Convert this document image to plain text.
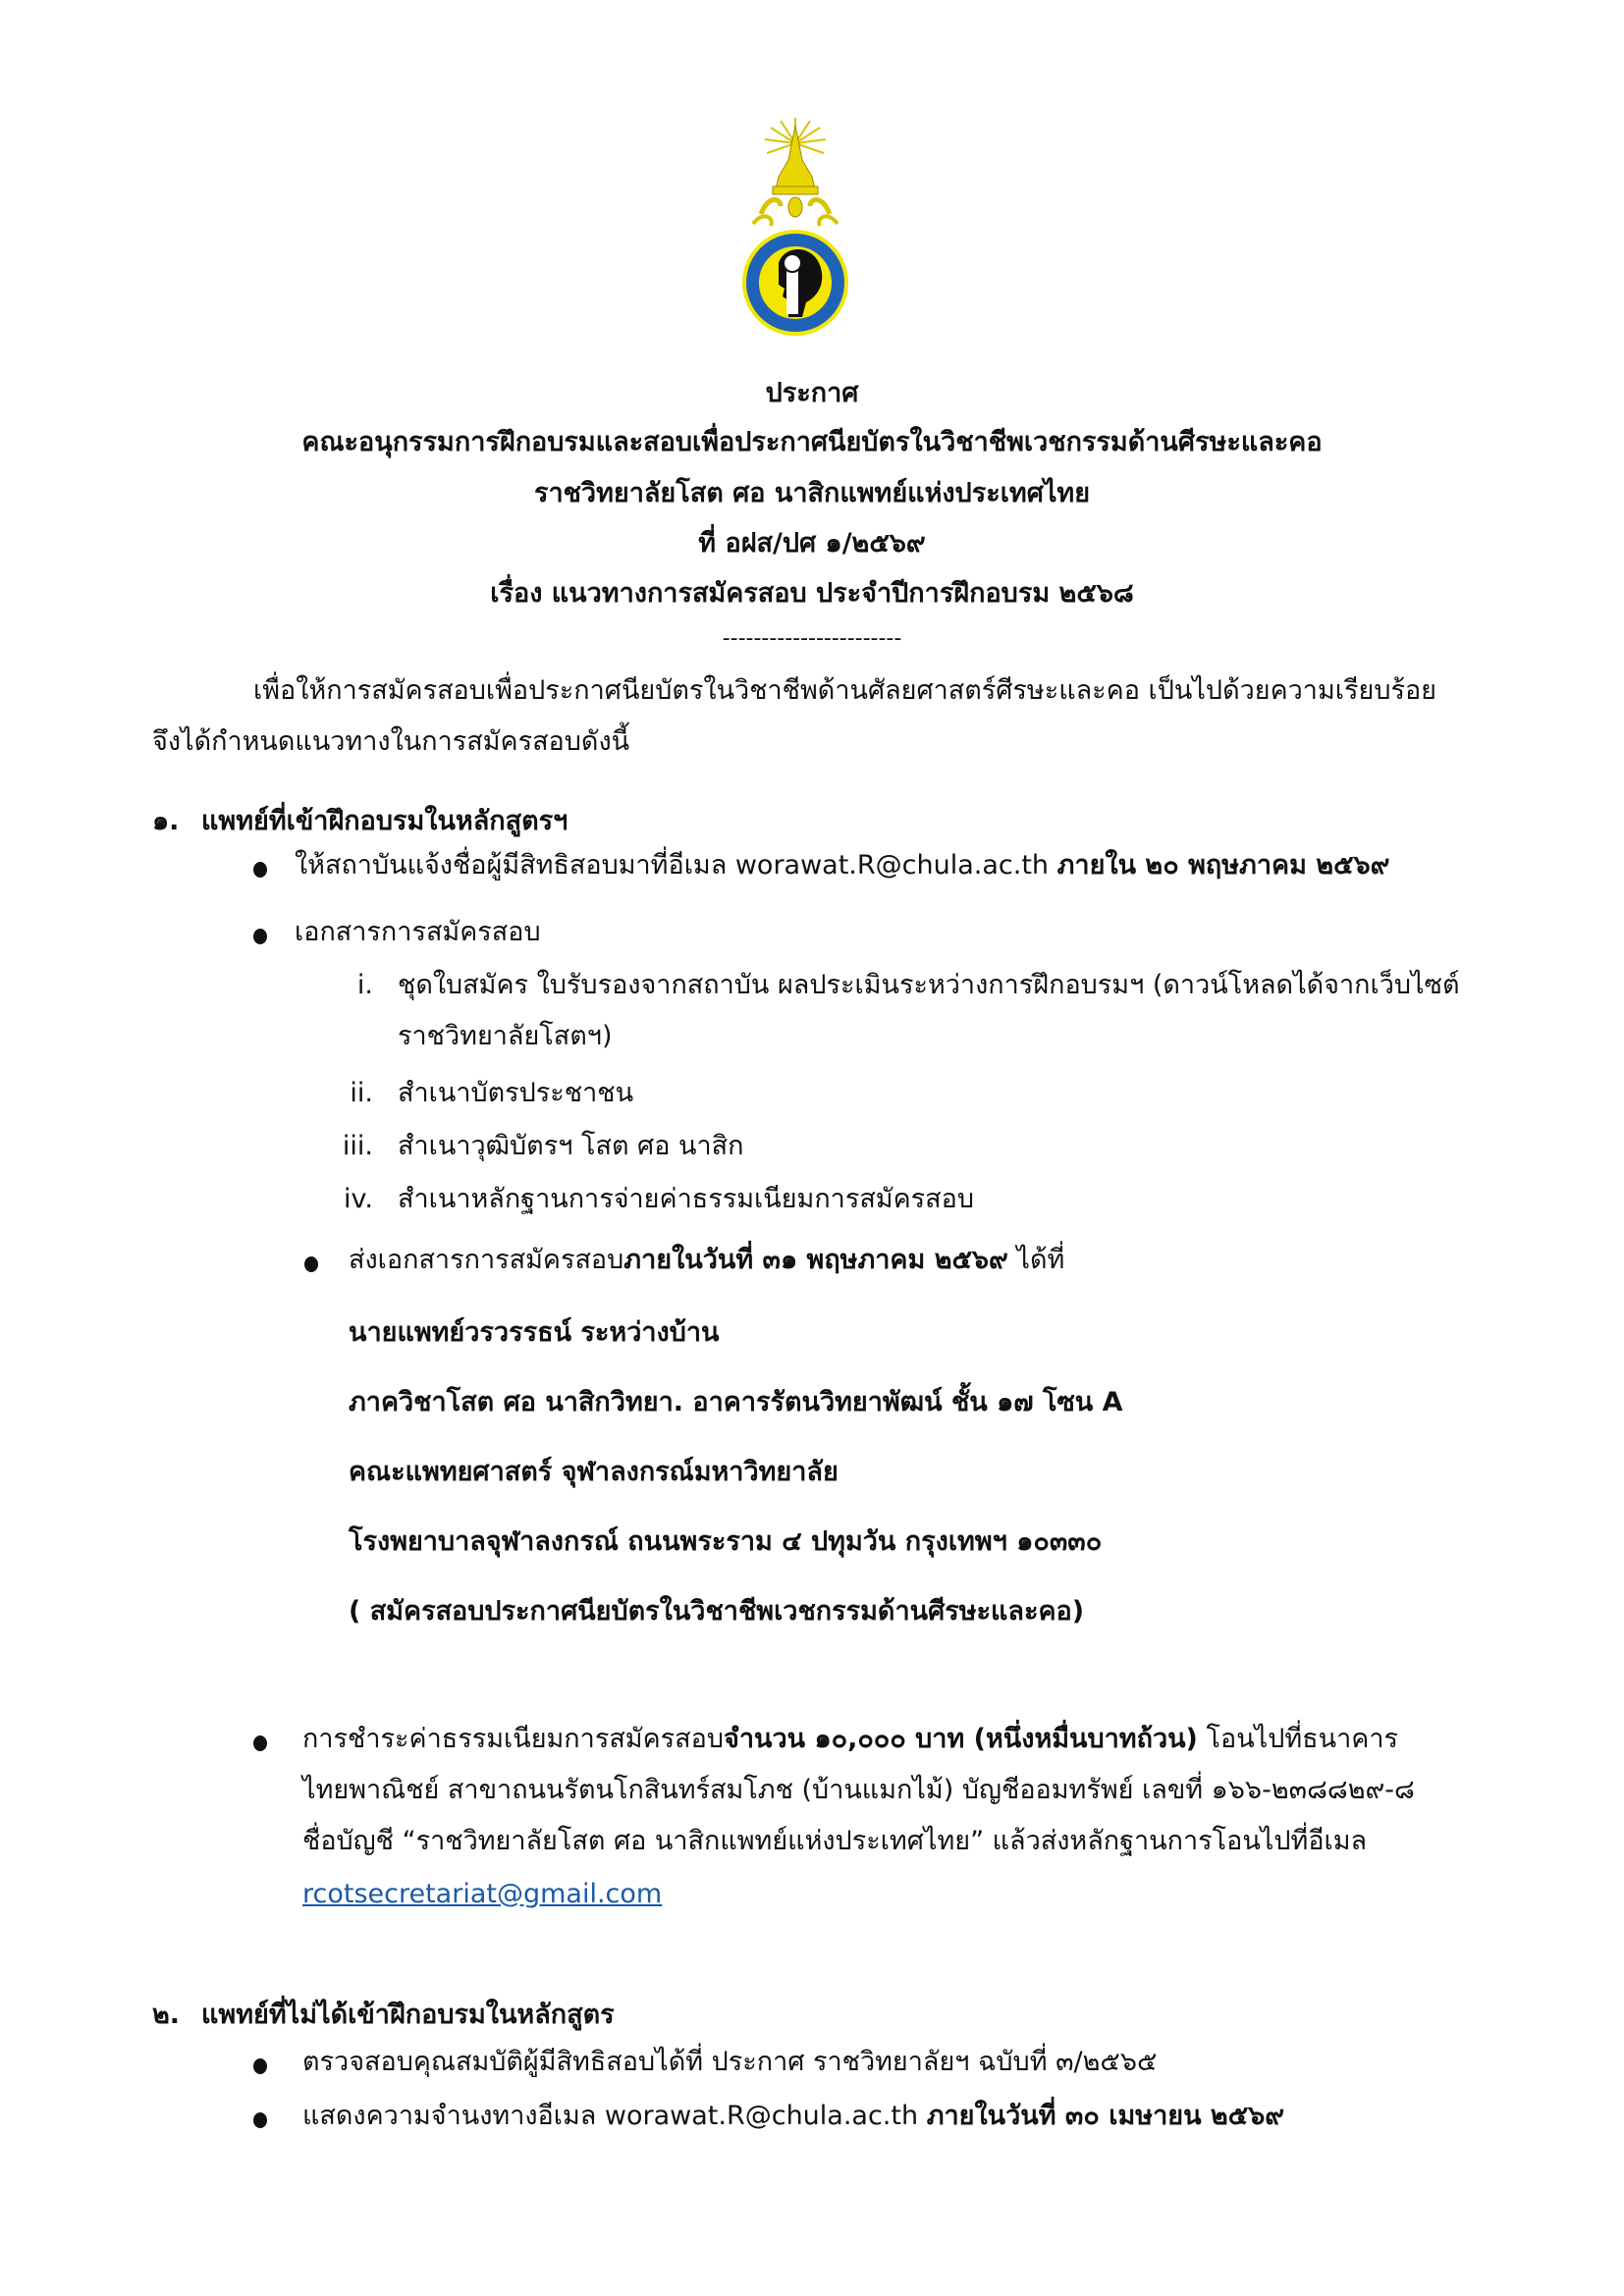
ประกาศ
คณะอนุกรรมการฝึกอบรมและสอบเพื่อประกาศนียบัตรในวิชาชีพเวชกรรมด้านศีรษะและคอ
ราชวิทยาลัยโสต ศอ นาสิกแพทย์แห่งประเทศไทย
ที่ อฝส/ปศ ๑/๒๕๖๙
เรื่อง แนวทางการสมัครสอบ ประจำปีการฝึกอบรม ๒๕๖๘
-----------------------
เพื่อให้การสมัครสอบเพื่อประกาศนียบัตรในวิชาชีพด้านศัลยศาสตร์ศีรษะและคอ เป็นไปด้วยความเรียบร้อย
จึงได้กำหนดแนวทางในการสมัครสอบดังนี้
๑. แพทย์ที่เข้าฝึกอบรมในหลักสูตรฯ
ให้สถาบันแจ้งชื่อผู้มีสิทธิสอบมาที่อีเมล worawat.R@chula.ac.th ภายใน ๒๐ พฤษภาคม ๒๕๖๙
เอกสารการสมัครสอบ
i. ชุดใบสมัคร ใบรับรองจากสถาบัน ผลประเมินระหว่างการฝึกอบรมฯ (ดาวน์โหลดได้จากเว็บไซต์
ราชวิทยาลัยโสตฯ)
ii. สำเนาบัตรประชาชน
iii. สำเนาวุฒิบัตรฯ โสต ศอ นาสิก
iv. สำเนาหลักฐานการจ่ายค่าธรรมเนียมการสมัครสอบ
ส่งเอกสารการสมัครสอบภายในวันที่ ๓๑ พฤษภาคม ๒๕๖๙ ได้ที่
นายแพทย์วรวรรธน์ ระหว่างบ้าน
ภาควิชาโสต ศอ นาสิกวิทยา. อาคารรัตนวิทยาพัฒน์ ชั้น ๑๗ โซน A
คณะแพทยศาสตร์ จุฬาลงกรณ์มหาวิทยาลัย
โรงพยาบาลจุฬาลงกรณ์ ถนนพระราม ๔ ปทุมวัน กรุงเทพฯ ๑๐๓๓๐
( สมัครสอบประกาศนียบัตรในวิชาชีพเวชกรรมด้านศีรษะและคอ)
การชำระค่าธรรมเนียมการสมัครสอบจำนวน ๑๐,๐๐๐ บาท (หนึ่งหมื่นบาทถ้วน) โอนไปที่ธนาคาร
ไทยพาณิชย์ สาขาถนนรัตนโกสินทร์สมโภช (บ้านแมกไม้) บัญชีออมทรัพย์ เลขที่ ๑๖๖-๒๓๘๘๒๙-๘
ชื่อบัญชี “ราชวิทยาลัยโสต ศอ นาสิกแพทย์แห่งประเทศไทย” แล้วส่งหลักฐานการโอนไปที่อีเมล
rcotsecretariat@gmail.com
๒. แพทย์ที่ไม่ได้เข้าฝึกอบรมในหลักสูตร
ตรวจสอบคุณสมบัติผู้มีสิทธิสอบได้ที่ ประกาศ ราชวิทยาลัยฯ ฉบับที่ ๓/๒๕๖๕
แสดงความจำนงทางอีเมล worawat.R@chula.ac.th ภายในวันที่ ๓๐ เมษายน ๒๕๖๙
